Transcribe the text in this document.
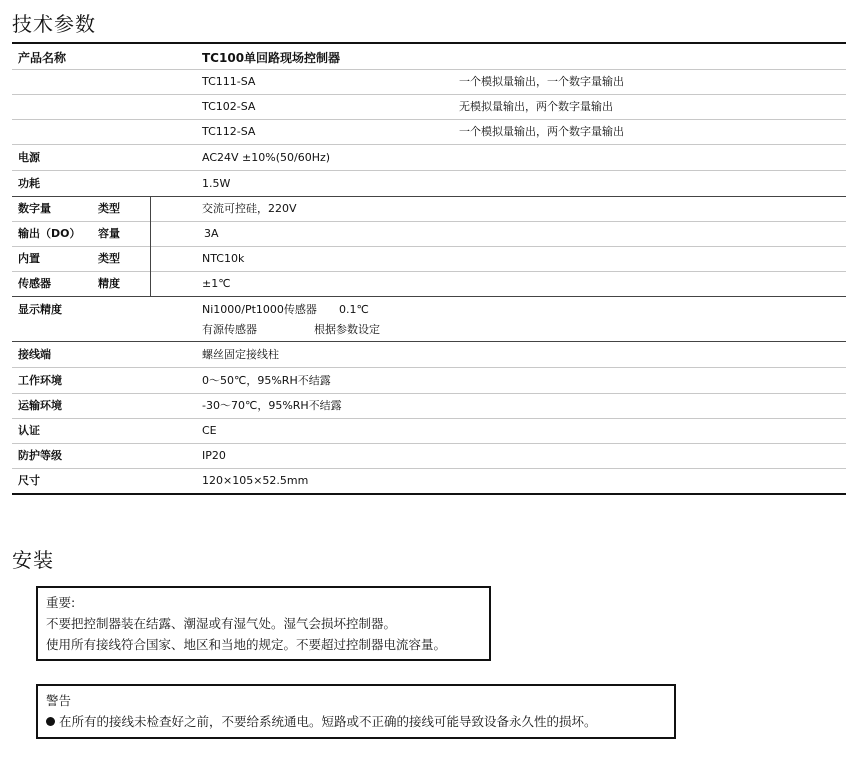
技术参数
产品名称	TC100单回路现场控制器
TC111-SA	一个模拟量输出，一个数字量输出
TC102-SA	无模拟量输出，两个数字量输出
TC112-SA	一个模拟量输出，两个数字量输出
电源	AC24V ±10%(50/60Hz)
功耗	1.5W
数字量	类型	交流可控硅，220V
输出（DO） 容量	3A
内置	类型	NTC10k
传感器	精度	±1℃
显示精度	Ni1000/Pt1000传感器 0.1℃
有源传感器	根据参数设定
接线端	螺丝固定接线柱
工作环境	0～50℃，95%RH不结露
运输环境	-30～70℃，95%RH不结露
认证	CE
防护等级	IP20
尺寸	120×105×52.5mm
安装
重要:
不要把控制器装在结露、潮湿或有湿气处。湿气会损坏控制器。
使用所有接线符合国家、地区和当地的规定。不要超过控制器电流容量。
警告
在所有的接线未检查好之前，不要给系统通电。短路或不正确的接线可能导致设备永久性的损坏。
